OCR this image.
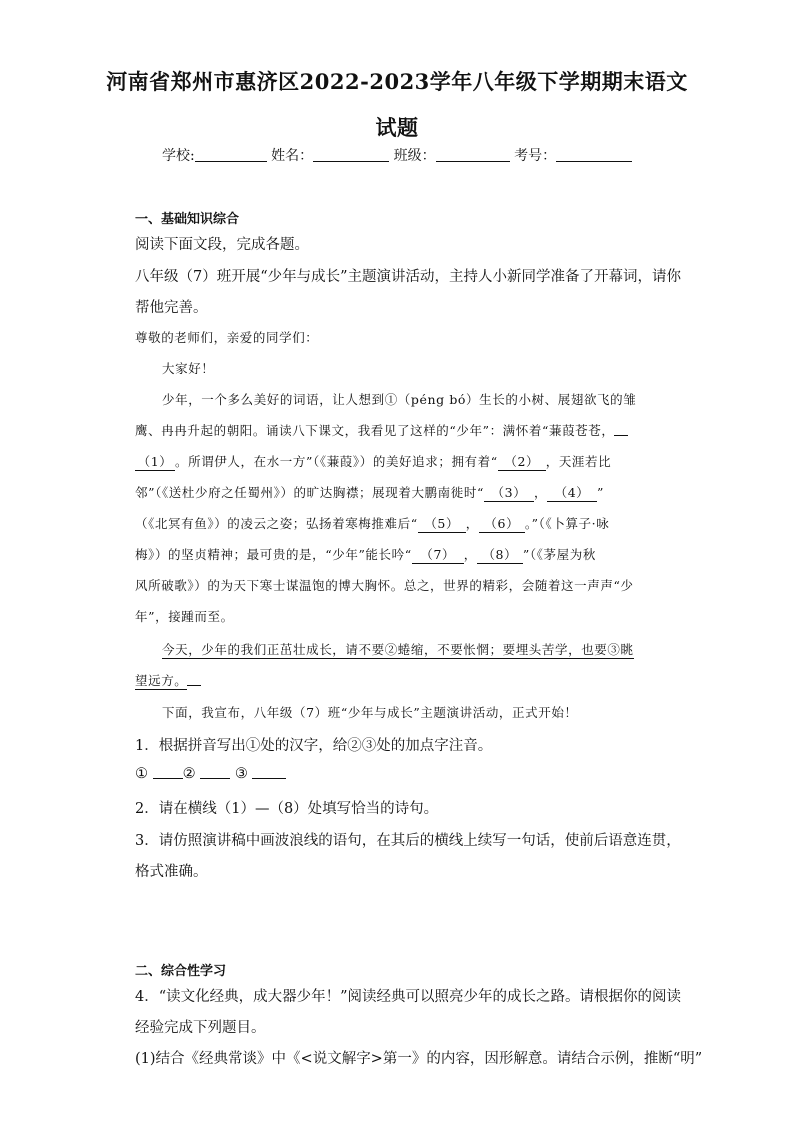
河南省郑州市惠济区2022-2023学年八年级下学期期末语文
试题
学校:	姓名：	班级：	考号：
一、基础知识综合
阅读下面文段，完成各题。
八年级（7）班开展“少年与成长”主题演讲活动，主持人小新同学准备了开幕词，请你
帮他完善。
尊敬的老师们，亲爱的同学们：
大家好！
少年，一个多么美好的词语，让人想到①（péng bó）生长的小树、展翅欲飞的雏
鹰、冉冉升起的朝阳。诵读八下课文，我看见了这样的“少年”：满怀着“蒹葭苍苍，
（1） 。所谓伊人，在水一方”（《蒹葭》）的美好追求；拥有着“ （2） ，天涯若比
邻”（《送杜少府之任蜀州》）的旷达胸襟；展现着大鹏南徙时“ （3） ， （4） ”
（《北冥有鱼》）的凌云之姿；弘扬着寒梅推难后“ （5） ， （6） 。”（《卜算子·咏
梅》）的坚贞精神；最可贵的是，“少年”能长吟“ （7） ， （8） ”（《茅屋为秋
风所破歌》）的为天下寒士谋温饱的博大胸怀。总之，世界的精彩，会随着这一声声“少
年”，接踵而至。
今天，少年的我们正茁壮成长，请不要②蜷缩，不要怅惘；要埋头苦学，也要③眺
望远方。
下面，我宣布，八年级（7）班“少年与成长”主题演讲活动，正式开始！
1．根据拼音写出①处的汉字，给②③处的加点字注音。
① ②	③
2．请在横线（1）—（8）处填写恰当的诗句。
3．请仿照演讲稿中画波浪线的语句，在其后的横线上续写一句话，使前后语意连贯，
格式准确。
二、综合性学习
4．“读文化经典，成大器少年！”阅读经典可以照亮少年的成长之路。请根据你的阅读
经验完成下列题目。
(1)结合《经典常谈》中《<说文解字>第一》的内容，因形解意。请结合示例，推断“明”
